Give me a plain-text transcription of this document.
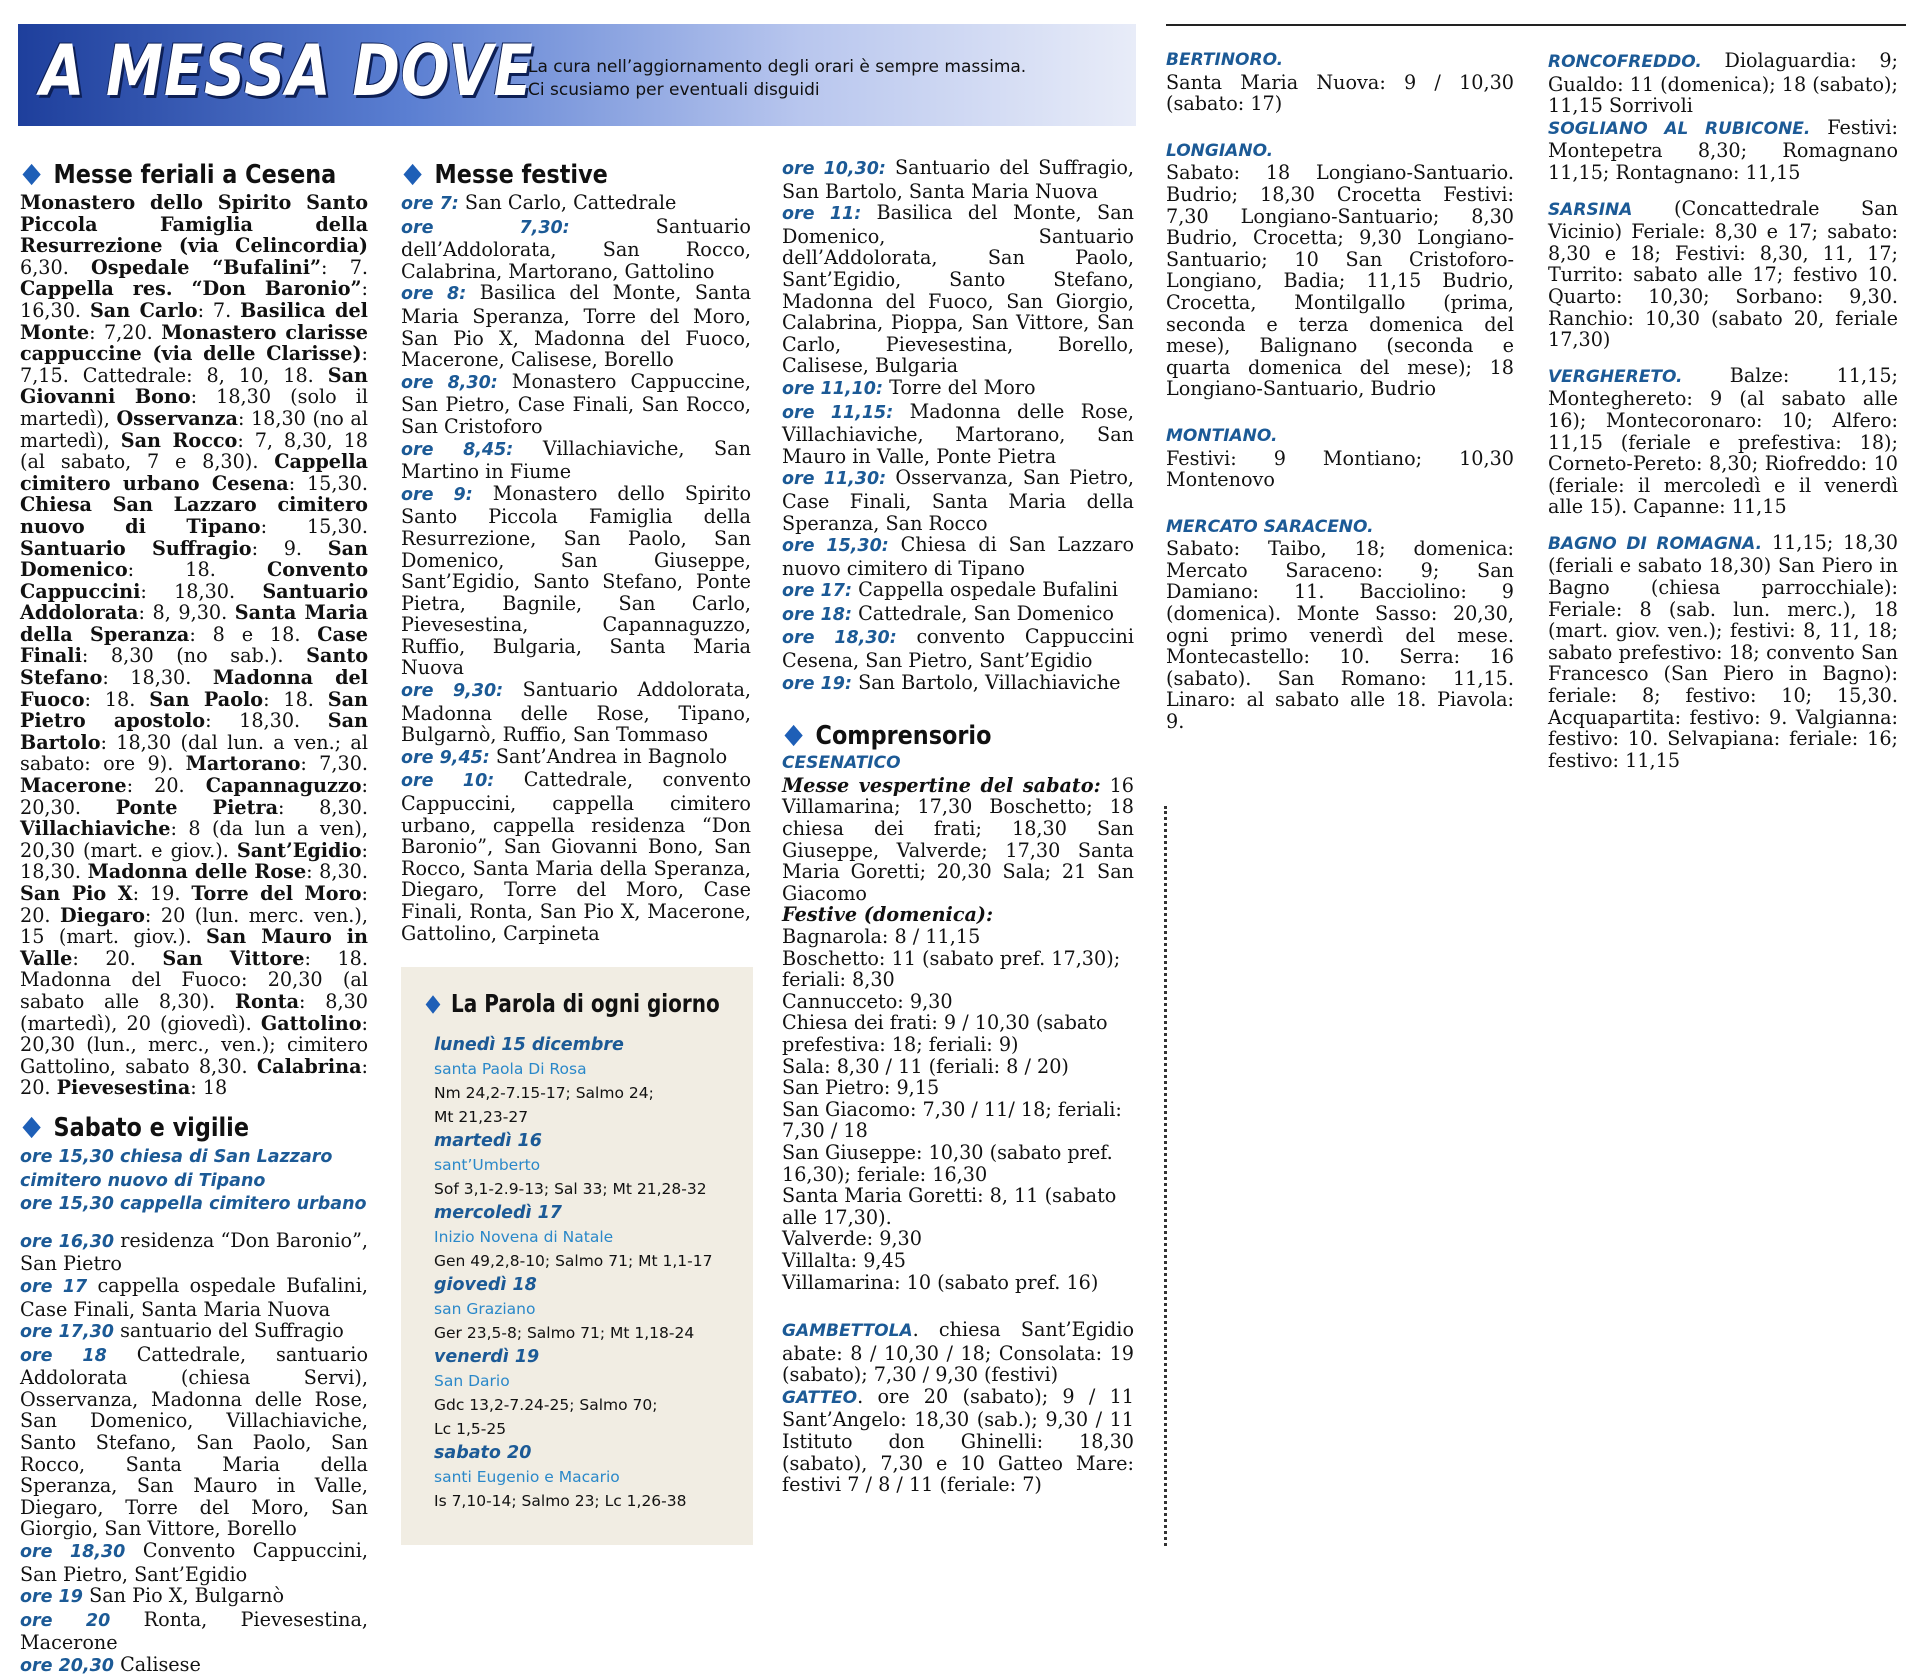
A MESSA DOVE
La cura nell’aggiornamento degli orari è sempre massima.
Ci scusiamo per eventuali disguidi
Messe feriali a Cesena

Monastero dello Spirito Santo Piccola Famiglia della Resurrezione (via Celincordia) 6,30. Ospedale “Bufalini”: 7. Cappella res. “Don Baronio”: 16,30. San Carlo: 7. Basilica del Monte: 7,20. Monastero clarisse cappuccine (via delle Clarisse): 7,15. Cattedrale: 8, 10, 18. San Giovanni Bono: 18,30 (solo il martedì), Osservanza: 18,30 (no al martedì), San Rocco: 7, 8,30, 18 (al sabato, 7 e 8,30). Cappella cimitero urbano Cesena: 15,30. Chiesa San Lazzaro cimitero nuovo di Tipano: 15,30. Santuario Suffragio: 9. San Domenico: 18. Convento Cappuccini: 18,30. Santuario Addolorata: 8, 9,30. Santa Maria della Speranza: 8 e 18. Case Finali: 8,30 (no sab.). Santo Stefano: 18,30. Madonna del Fuoco: 18. San Paolo: 18. San Pietro apostolo: 18,30. San Bartolo: 18,30 (dal lun. a ven.; al sabato: ore 9). Martorano: 7,30. Macerone: 20. Capannaguzzo: 20,30. Ponte Pietra: 8,30. Villachiaviche: 8 (da lun a ven), 20,30 (mart. e giov.). Sant’Egidio: 18,30. Madonna delle Rose: 8,30. San Pio X: 19. Torre del Moro: 20. Diegaro: 20 (lun. merc. ven.), 15 (mart. giov.). San Mauro in Valle: 20. San Vittore: 18. Madonna del Fuoco: 20,30 (al sabato alle 8,30). Ronta: 8,30 (martedì), 20 (giovedì). Gattolino: 20,30 (lun., merc., ven.); cimitero Gattolino, sabato 8,30. Calabrina: 20. Pievesestina: 18

Sabato e vigilie

ore 15,30 chiesa di San Lazzaro cimitero nuovo di Tipano

ore 15,30 cappella cimitero urbano

ore 16,30 residenza “Don Baronio”, San Pietro

ore 17 cappella ospedale Bufalini, Case Finali, Santa Maria Nuova

ore 17,30 santuario del Suffragio

ore 18 Cattedrale, santuario Addolorata (chiesa Servi), Osservanza, Madonna delle Rose, San Domenico, Villachiaviche, Santo Stefano, San Paolo, San Rocco, Santa Maria della Speranza, San Mauro in Valle, Diegaro, Torre del Moro, San Giorgio, San Vittore, Borello

ore 18,30 Convento Cappuccini, San Pietro, Sant’Egidio

ore 19 San Pio X, Bulgarnò

ore 20 Ronta, Pievesestina, Macerone

ore 20,30 Calisese

Messe festive

ore 7: San Carlo, Cattedrale

ore 7,30: Santuario dell’Addolorata, San Rocco, Calabrina, Martorano, Gattolino

ore 8: Basilica del Monte, Santa Maria Speranza, Torre del Moro, San Pio X, Madonna del Fuoco, Macerone, Calisese, Borello

ore 8,30: Monastero Cappuccine, San Pietro, Case Finali, San Rocco, San Cristoforo

ore 8,45: Villachiaviche, San Martino in Fiume

ore 9: Monastero dello Spirito Santo Piccola Famiglia della Resurrezione, San Paolo, San Domenico, San Giuseppe, Sant’Egidio, Santo Stefano, Ponte Pietra, Bagnile, San Carlo, Pievesestina, Capannaguzzo, Ruffio, Bulgaria, Santa Maria Nuova

ore 9,30: Santuario Addolorata, Madonna delle Rose, Tipano, Bulgarnò, Ruffio, San Tommaso

ore 9,45: Sant’Andrea in Bagnolo

ore 10: Cattedrale, convento Cappuccini, cappella cimitero urbano, cappella residenza “Don Baronio”, San Giovanni Bono, San Rocco, Santa Maria della Speranza, Diegaro, Torre del Moro, Case Finali, Ronta, San Pio X, Macerone, Gattolino, Carpineta

La Parola di ogni giorno
lunedì 15 dicembre
santa Paola Di Rosa
Nm 24,2-7.15-17; Salmo 24;
Mt 21,23-27
martedì 16
sant’Umberto
Sof 3,1-2.9-13; Sal 33; Mt 21,28-32
mercoledì 17
Inizio Novena di Natale
Gen 49,2,8-10; Salmo 71; Mt 1,1-17
giovedì 18
san Graziano
Ger 23,5-8; Salmo 71; Mt 1,18-24
venerdì 19
San Dario
Gdc 13,2-7.24-25; Salmo 70;
Lc 1,5-25
sabato 20
santi Eugenio e Macario
Is 7,10-14; Salmo 23; Lc 1,26-38

ore 10,30: Santuario del Suffragio, San Bartolo, Santa Maria Nuova

ore 11: Basilica del Monte, San Domenico, Santuario dell’Addolorata, San Paolo, Sant’Egidio, Santo Stefano, Madonna del Fuoco, San Giorgio, Calabrina, Pioppa, San Vittore, San Carlo, Pievesestina, Borello, Calisese, Bulgaria

ore 11,10: Torre del Moro

ore 11,15: Madonna delle Rose, Villachiaviche, Martorano, San Mauro in Valle, Ponte Pietra

ore 11,30: Osservanza, San Pietro, Case Finali, Santa Maria della Speranza, San Rocco

ore 15,30: Chiesa di San Lazzaro nuovo cimitero di Tipano

ore 17: Cappella ospedale Bufalini

ore 18: Cattedrale, San Domenico

ore 18,30: convento Cappuccini Cesena, San Pietro, Sant’Egidio

ore 19: San Bartolo, Villachiaviche

Comprensorio
CESENATICO

Messe vespertine del sabato: 16 Villamarina; 17,30 Boschetto; 18 chiesa dei frati; 18,30 San Giuseppe, Valverde; 17,30 Santa Maria Goretti; 20,30 Sala; 21 San Giacomo

Festive (domenica):

Bagnarola: 8 / 11,15

Boschetto: 11 (sabato pref. 17,30); feriali: 8,30

Cannucceto: 9,30

Chiesa dei frati: 9 / 10,30 (sabato prefestiva: 18; feriali: 9)

Sala: 8,30 / 11 (feriali: 8 / 20)

San Pietro: 9,15

San Giacomo: 7,30 / 11/ 18; feriali: 7,30 / 18

San Giuseppe: 10,30 (sabato pref. 16,30); feriale: 16,30

Santa Maria Goretti: 8, 11 (sabato alle 17,30).

Valverde: 9,30

Villalta: 9,45

Villamarina: 10 (sabato pref. 16)

GAMBETTOLA. chiesa Sant’Egidio abate: 8 / 10,30 / 18; Consolata: 19 (sabato); 7,30 / 9,30 (festivi)

GATTEO. ore 20 (sabato); 9 / 11 Sant’Angelo: 18,30 (sab.); 9,30 / 11 Istituto don Ghinelli: 18,30 (sabato), 7,30 e 10 Gatteo Mare: festivi 7 / 8 / 11 (feriale: 7)

BERTINORO.

Santa Maria Nuova: 9 / 10,30 (sabato: 17)

LONGIANO.

Sabato: 18 Longiano-Santuario. Budrio; 18,30 Crocetta Festivi: 7,30 Longiano-Santuario; 8,30 Budrio, Crocetta; 9,30 Longiano-Santuario; 10 San Cristoforo-Longiano, Badia; 11,15 Budrio, Crocetta, Montilgallo (prima, seconda e terza domenica del mese), Balignano (seconda e quarta domenica del mese); 18 Longiano-Santuario, Budrio

MONTIANO.

Festivi: 9 Montiano; 10,30 Montenovo

MERCATO SARACENO.

Sabato: Taibo, 18; domenica: Mercato Saraceno: 9; San Damiano: 11. Bacciolino: 9 (domenica). Monte Sasso: 20,30, ogni primo venerdì del mese. Montecastello: 10. Serra: 16 (sabato). San Romano: 11,15. Linaro: al sabato alle 18. Piavola: 9.

RONCOFREDDO. Diolaguardia: 9; Gualdo: 11 (domenica); 18 (sabato); 11,15 Sorrivoli

SOGLIANO AL RUBICONE. Festivi: Montepetra 8,30; Romagnano 11,15; Rontagnano: 11,15

SARSINA (Concattedrale San Vicinio) Feriale: 8,30 e 17; sabato: 8,30 e 18; Festivi: 8,30, 11, 17; Turrito: sabato alle 17; festivo 10. Quarto: 10,30; Sorbano: 9,30. Ranchio: 10,30 (sabato 20, feriale 17,30)

VERGHERETO. Balze: 11,15; Monteghereto: 9 (al sabato alle 16); Montecoronaro: 10; Alfero: 11,15 (feriale e prefestiva: 18); Corneto-Pereto: 8,30; Riofreddo: 10 (feriale: il mercoledì e il venerdì alle 15). Capanne: 11,15

BAGNO DI ROMAGNA. 11,15; 18,30 (feriali e sabato 18,30) San Piero in Bagno (chiesa parrocchiale): Feriale: 8 (sab. lun. merc.), 18 (mart. giov. ven.); festivi: 8, 11, 18; sabato prefestivo: 18; convento San Francesco (San Piero in Bagno): feriale: 8; festivo: 10; 15,30. Acquapartita: festivo: 9. Valgianna: festivo: 10. Selvapiana: feriale: 16; festivo: 11,15
